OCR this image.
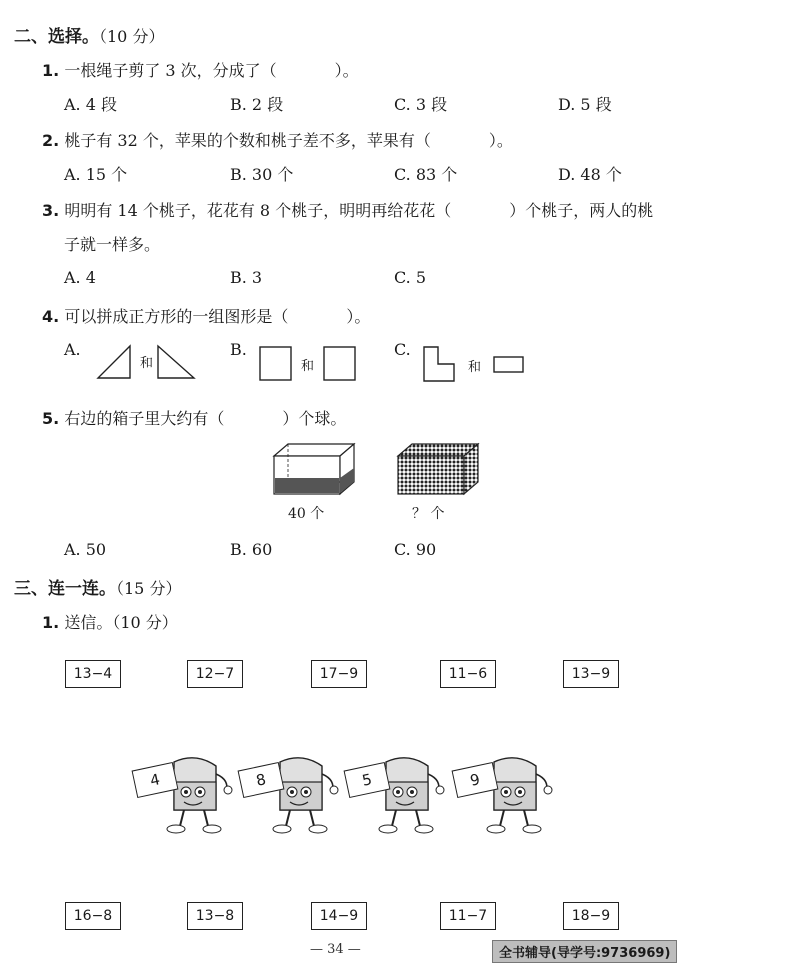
二、选择。（10 分）
1. 一根绳子剪了 3 次，分成了（	）。
A. 4 段	B. 2 段	C. 3 段	D. 5 段
2. 桃子有 32 个，苹果的个数和桃子差不多，苹果有（	）。
A. 15 个	B. 30 个	C. 83 个	D. 48 个
3. 明明有 14 个桃子，花花有 8 个桃子，明明再给花花（	）个桃子，两人的桃
子就一样多。
A. 4	B. 3	C. 5
4. 可以拼成正方形的一组图形是（	）。
A.
和
B.
和
C.
和
5. 右边的箱子里大约有（	）个球。
40 个	？ 个
A. 50	B. 60	C. 90
三、连一连。（15 分）
1. 送信。（10 分）
13−4	12−7	17−9	11−6	13−9
4	8	5	9
16−8	13−8	14−9	11−7	18−9
— 34 —	全书辅导(导学号:9736969)
